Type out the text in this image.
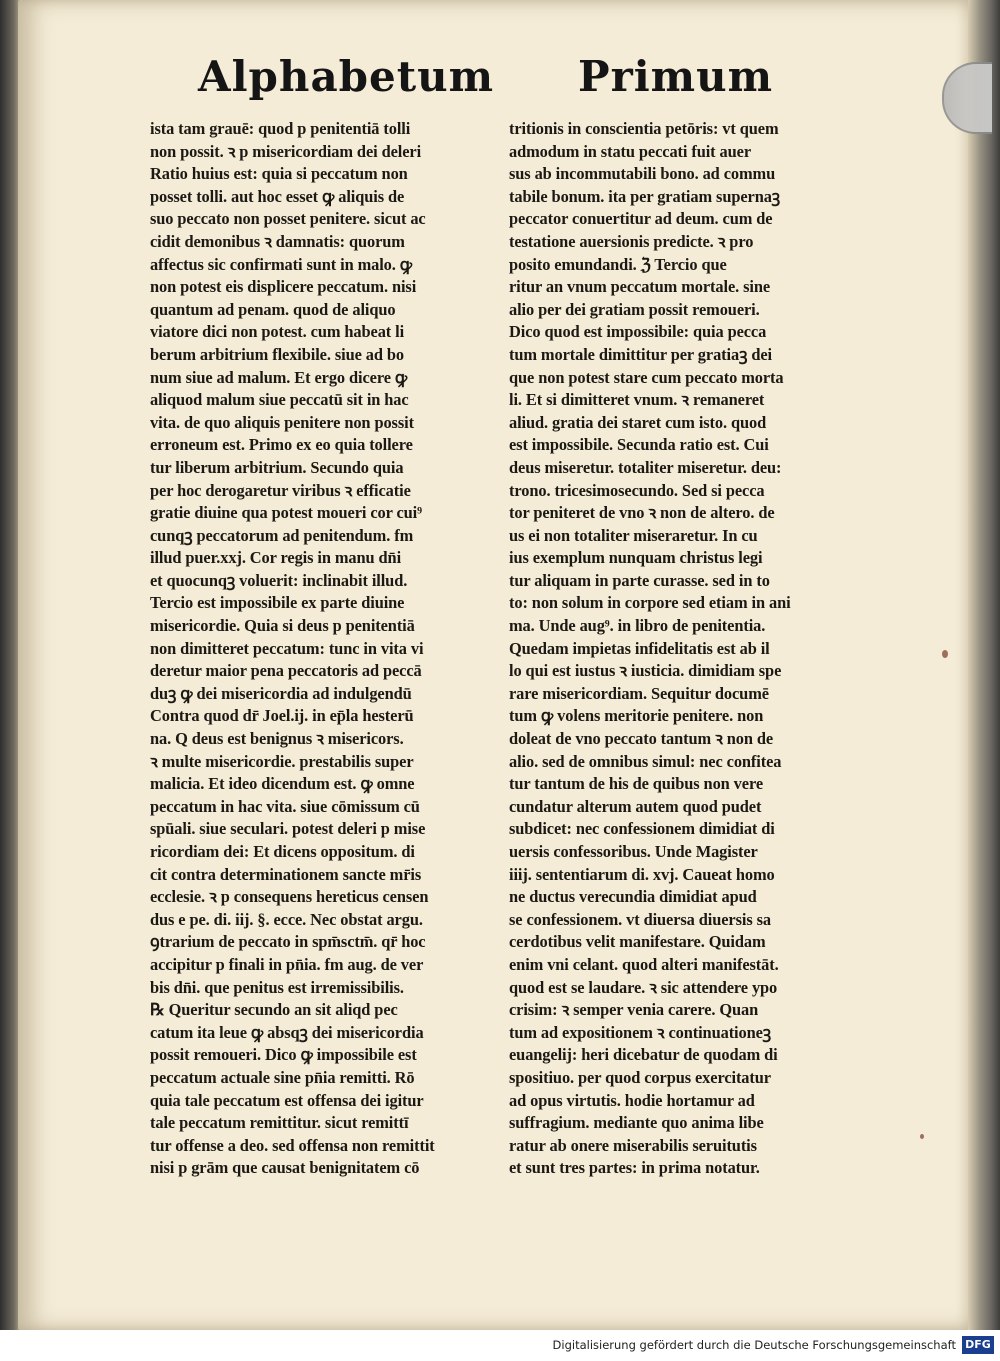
Alphabetum Primum
ista tam grauē: quod p penitentiā tolli
non possit. ꝛ p misericordiam dei deleri
Ratio huius est: quia si peccatum non
posset tolli. aut hoc esset ꝙ aliquis de
suo peccato non posset penitere. sicut ac
cidit demonibus ꝛ damnatis: quorum
affectus sic confirmati sunt in malo. ꝙ
non potest eis displicere peccatum. nisi
quantum ad penam. quod de aliquo
viatore dici non potest. cum habeat li
berum arbitrium flexibile. siue ad bo
num siue ad malum. Et ergo dicere ꝙ
aliquod malum siue peccatū sit in hac
vita. de quo aliquis penitere non possit
erroneum est. Primo ex eo quia tollere
tur liberum arbitrium. Secundo quia
per hoc derogaretur viribus ꝛ efficatie
gratie diuine qua potest moueri cor cui⁹
cunqꝫ peccatorum ad penitendum. fm
illud puer.xxj. Cor regis in manu dn̄i
et quocunqꝫ voluerit: inclinabit illud.
Tercio est impossibile ex parte diuine
misericordie. Quia si deus p penitentiā
non dimitteret peccatum: tunc in vita vi
deretur maior pena peccatoris ad peccā
duꝫ ꝙ dei misericordia ad indulgendū
Contra quod dr̄ Joel.ij. in ep̄la hesterū
na. Q deus est benignus ꝛ misericors.
ꝛ multe misericordie. prestabilis super
malicia. Et ideo dicendum est. ꝙ omne
peccatum in hac vita. siue cōmissum cū
spūali. siue seculari. potest deleri p mise
ricordiam dei: Et dicens oppositum. di
cit contra determinationem sancte mr̄is
ecclesie. ꝛ p consequens hereticus censen
dus e pe. di. iij. §. ecce. Nec obstat argu.
ꝯtrarium de peccato in spm̄sctm̄. qr̄ hoc
accipitur p finali in pn̄ia. fm aug. de ver
bis dn̄i. que penitus est irremissibilis.
℞ Queritur secundo an sit aliqd pec
catum ita leue ꝙ absqꝫ dei misericordia
possit remoueri. Dico ꝙ impossibile est
peccatum actuale sine pn̄ia remitti. Rō
quia tale peccatum est offensa dei igitur
tale peccatum remittitur. sicut remittī
tur offense a deo. sed offensa non remittit
nisi p grām que causat benignitatem cō
tritionis in conscientia petōris: vt quem
admodum in statu peccati fuit auer
sus ab incommutabili bono. ad commu
tabile bonum. ita per gratiam supernaꝫ
peccator conuertitur ad deum. cum de
testatione auersionis predicte. ꝛ pro
posito emundandi. ℨ Tercio que
ritur an vnum peccatum mortale. sine
alio per dei gratiam possit remoueri.
Dico quod est impossibile: quia pecca
tum mortale dimittitur per gratiaꝫ dei
que non potest stare cum peccato morta
li. Et si dimitteret vnum. ꝛ remaneret
aliud. gratia dei staret cum isto. quod
est impossibile. Secunda ratio est. Cui
deus miseretur. totaliter miseretur. deu:
trono. tricesimosecundo. Sed si pecca
tor peniteret de vno ꝛ non de altero. de
us ei non totaliter miseraretur. In cu
ius exemplum nunquam christus legi
tur aliquam in parte curasse. sed in to
to: non solum in corpore sed etiam in ani
ma. Unde aug⁹. in libro de penitentia.
Quedam impietas infidelitatis est ab il
lo qui est iustus ꝛ iusticia. dimidiam spe
rare misericordiam. Sequitur documē
tum ꝙ volens meritorie penitere. non
doleat de vno peccato tantum ꝛ non de
alio. sed de omnibus simul: nec confitea
tur tantum de his de quibus non vere
cundatur alterum autem quod pudet
subdicet: nec confessionem dimidiat di
uersis confessoribus. Unde Magister
iiij. sententiarum di. xvj. Caueat homo
ne ductus verecundia dimidiat apud
se confessionem. vt diuersa diuersis sa
cerdotibus velit manifestare. Quidam
enim vni celant. quod alteri manifestāt.
quod est se laudare. ꝛ sic attendere ypo
crisim: ꝛ semper venia carere. Quan
tum ad expositionem ꝛ continuationeꝫ
euangelij: heri dicebatur de quodam di
spositiuo. per quod corpus exercitatur
ad opus virtutis. hodie hortamur ad
suffragium. mediante quo anima libe
ratur ab onere miserabilis seruitutis
et sunt tres partes: in prima notatur.
Digitalisierung gefördert durch die Deutsche Forschungsgemeinschaft DFG
